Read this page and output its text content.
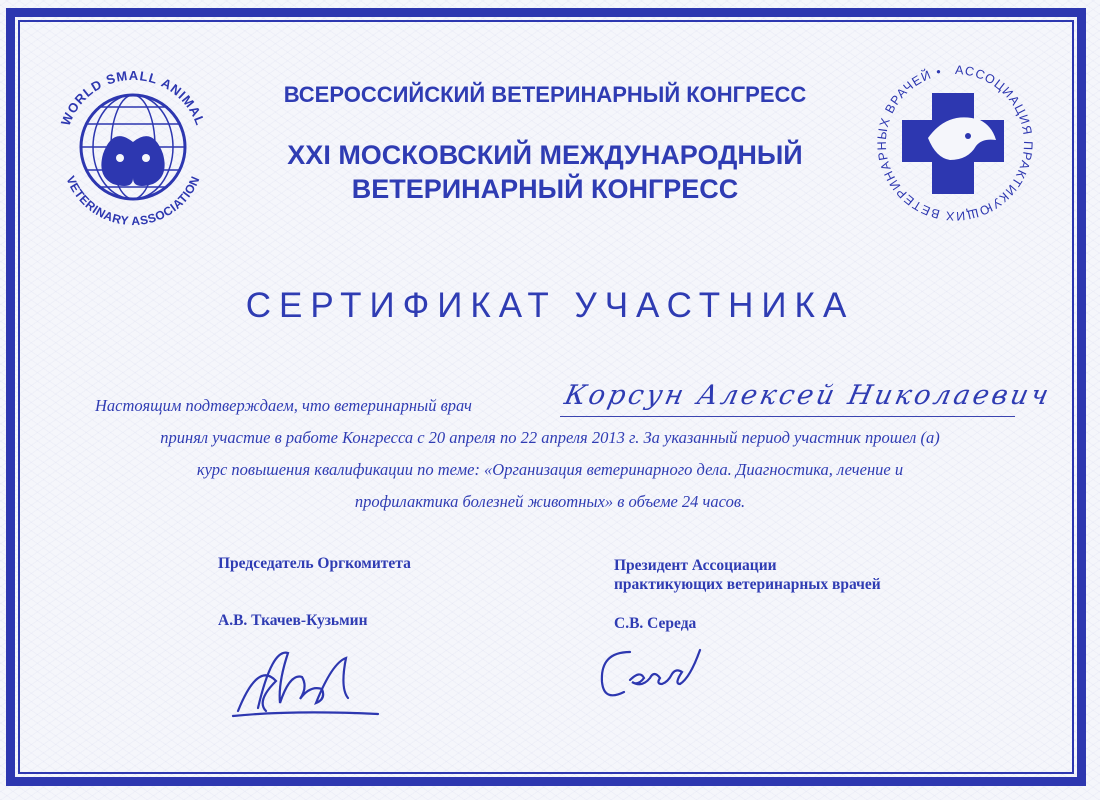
WORLD SMALL ANIMAL
VETERINARY ASSOCIATION
АССОЦИАЦИЯ ПРАКТИКУЮЩИХ ВЕТЕРИНАРНЫХ ВРАЧЕЙ •
ВСЕРОССИЙСКИЙ ВЕТЕРИНАРНЫЙ КОНГРЕСС
XXI МОСКОВСКИЙ МЕЖДУНАРОДНЫЙ
ВЕТЕРИНАРНЫЙ КОНГРЕСС
СЕРТИФИКАТ УЧАСТНИКА
Настоящим подтверждаем, что ветеринарный врач	Корсун Алексей Николаевич
принял участие в работе Конгресса с 20 апреля по 22 апреля 2013 г. За указанный период участник прошел (а)
курс повышения квалификации по теме: «Организация ветеринарного дела. Диагностика, лечение и
профилактика болезней животных» в объеме 24 часов.
Председатель Оргкомитета
А.В. Ткачев-Кузьмин
Президент Ассоциации
практикующих ветеринарных врачей
С.В. Середа
